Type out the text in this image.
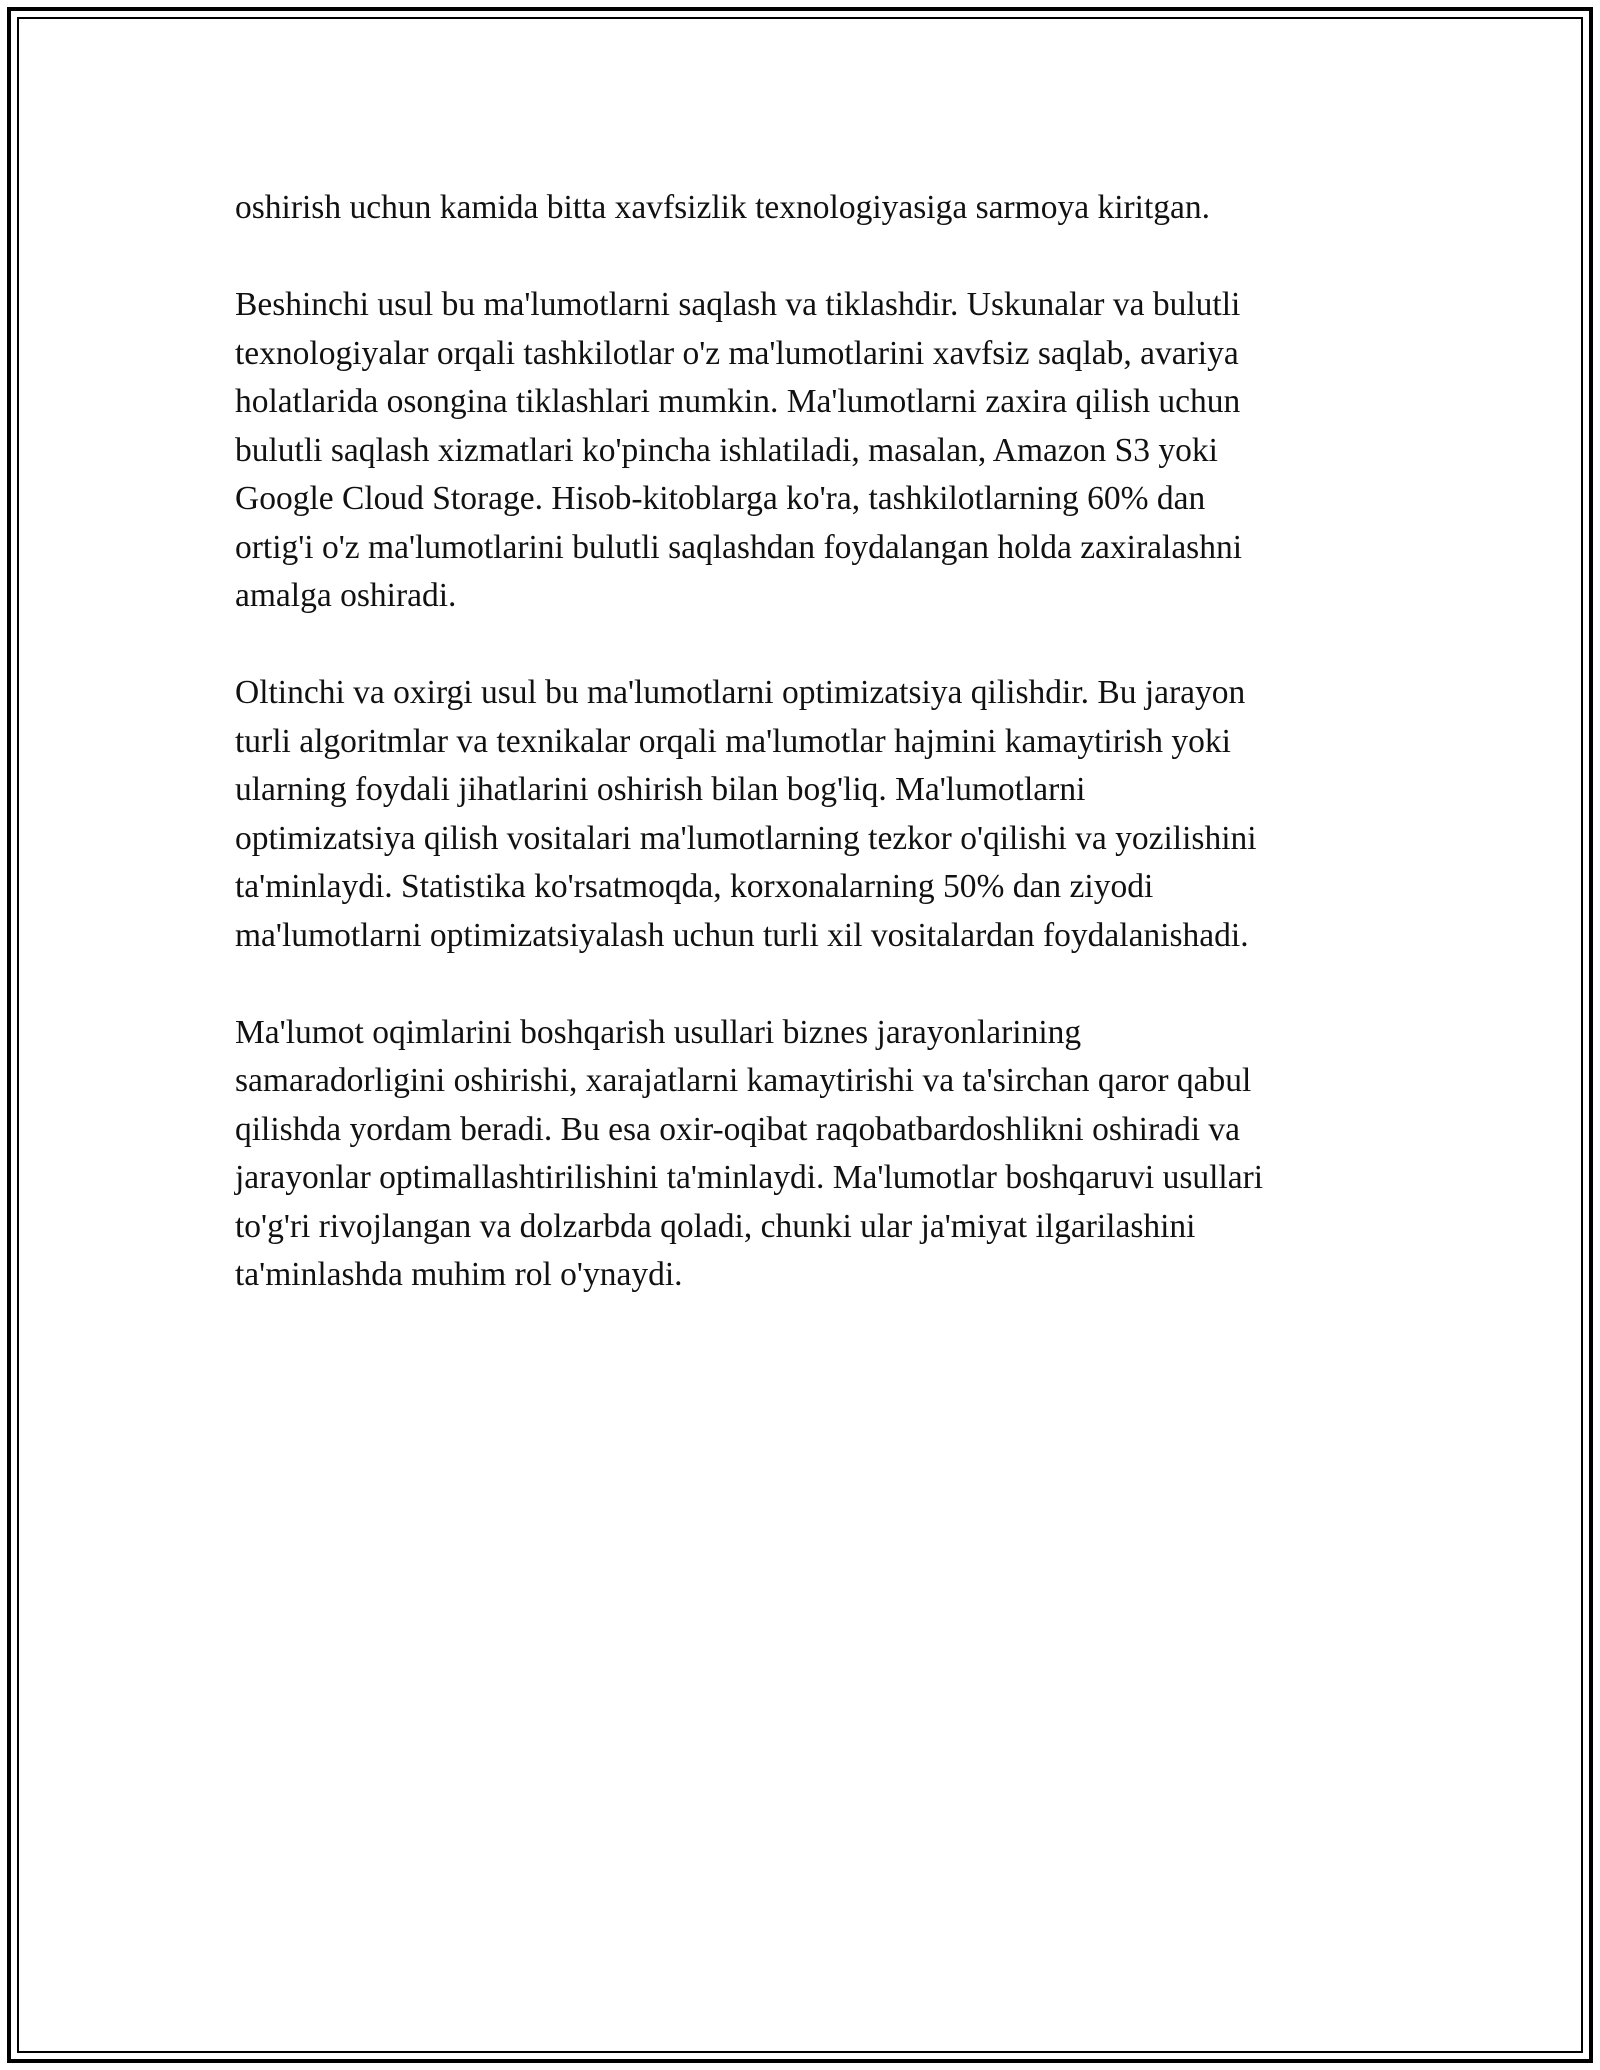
oshirish uchun kamida bitta xavfsizlik texnologiyasiga sarmoya kiritgan.

Beshinchi usul bu ma'lumotlarni saqlash va tiklashdir. Uskunalar va bulutli
texnologiyalar orqali tashkilotlar o'z ma'lumotlarini xavfsiz saqlab, avariya
holatlarida osongina tiklashlari mumkin. Ma'lumotlarni zaxira qilish uchun
bulutli saqlash xizmatlari ko'pincha ishlatiladi, masalan, Amazon S3 yoki
Google Cloud Storage. Hisob-kitoblarga ko'ra, tashkilotlarning 60% dan
ortig'i o'z ma'lumotlarini bulutli saqlashdan foydalangan holda zaxiralashni
amalga oshiradi.

Oltinchi va oxirgi usul bu ma'lumotlarni optimizatsiya qilishdir. Bu jarayon
turli algoritmlar va texnikalar orqali ma'lumotlar hajmini kamaytirish yoki
ularning foydali jihatlarini oshirish bilan bog'liq. Ma'lumotlarni
optimizatsiya qilish vositalari ma'lumotlarning tezkor o'qilishi va yozilishini
ta'minlaydi. Statistika ko'rsatmoqda, korxonalarning 50% dan ziyodi
ma'lumotlarni optimizatsiyalash uchun turli xil vositalardan foydalanishadi.

Ma'lumot oqimlarini boshqarish usullari biznes jarayonlarining
samaradorligini oshirishi, xarajatlarni kamaytirishi va ta'sirchan qaror qabul
qilishda yordam beradi. Bu esa oxir-oqibat raqobatbardoshlikni oshiradi va
jarayonlar optimallashtirilishini ta'minlaydi. Ma'lumotlar boshqaruvi usullari
to'g'ri rivojlangan va dolzarbda qoladi, chunki ular ja'miyat ilgarilashini
ta'minlashda muhim rol o'ynaydi.
